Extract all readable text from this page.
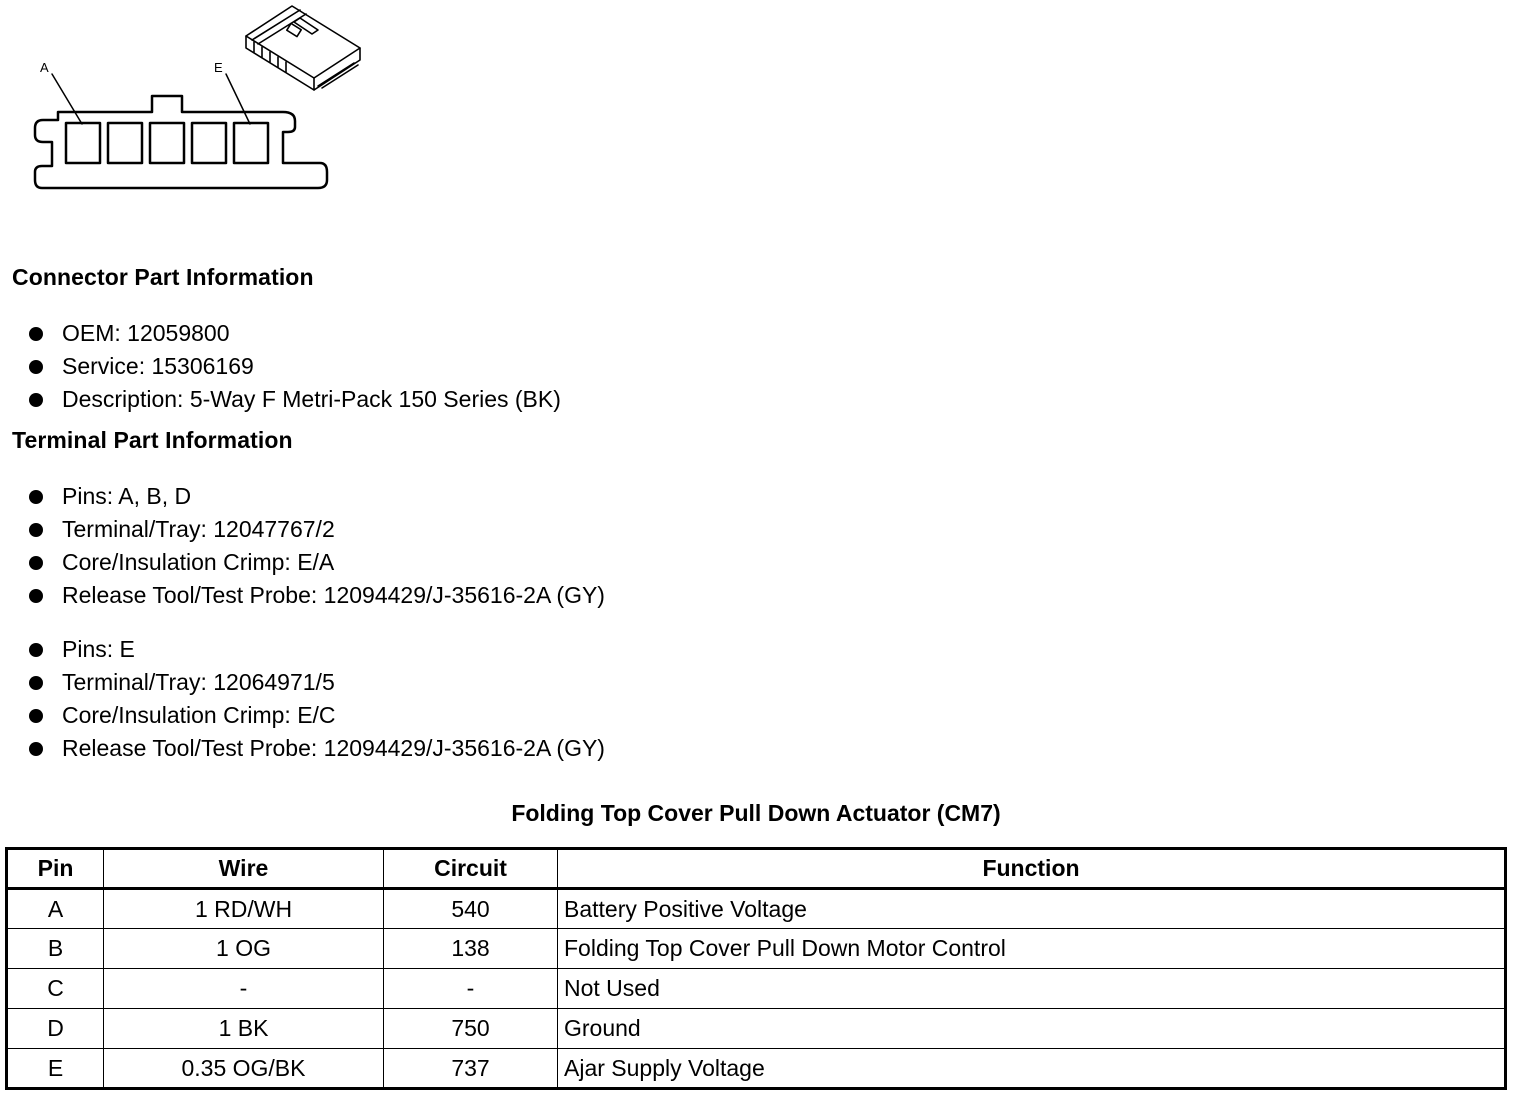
A	E
Connector Part Information
OEM: 12059800
Service: 15306169
Description: 5-Way F Metri-Pack 150 Series (BK)
Terminal Part Information
Pins: A, B, D
Terminal/Tray: 12047767/2
Core/Insulation Crimp: E/A
Release Tool/Test Probe: 12094429/J-35616-2A (GY)
Pins: E
Terminal/Tray: 12064971/5
Core/Insulation Crimp: E/C
Release Tool/Test Probe: 12094429/J-35616-2A (GY)
Folding Top Cover Pull Down Actuator (CM7)
Pin	Wire	Circuit	Function
A	1 RD/WH	540	Battery Positive Voltage
B	1 OG	138	Folding Top Cover Pull Down Motor Control
C	-	-	Not Used
D	1 BK	750	Ground
E	0.35 OG/BK	737	Ajar Supply Voltage
